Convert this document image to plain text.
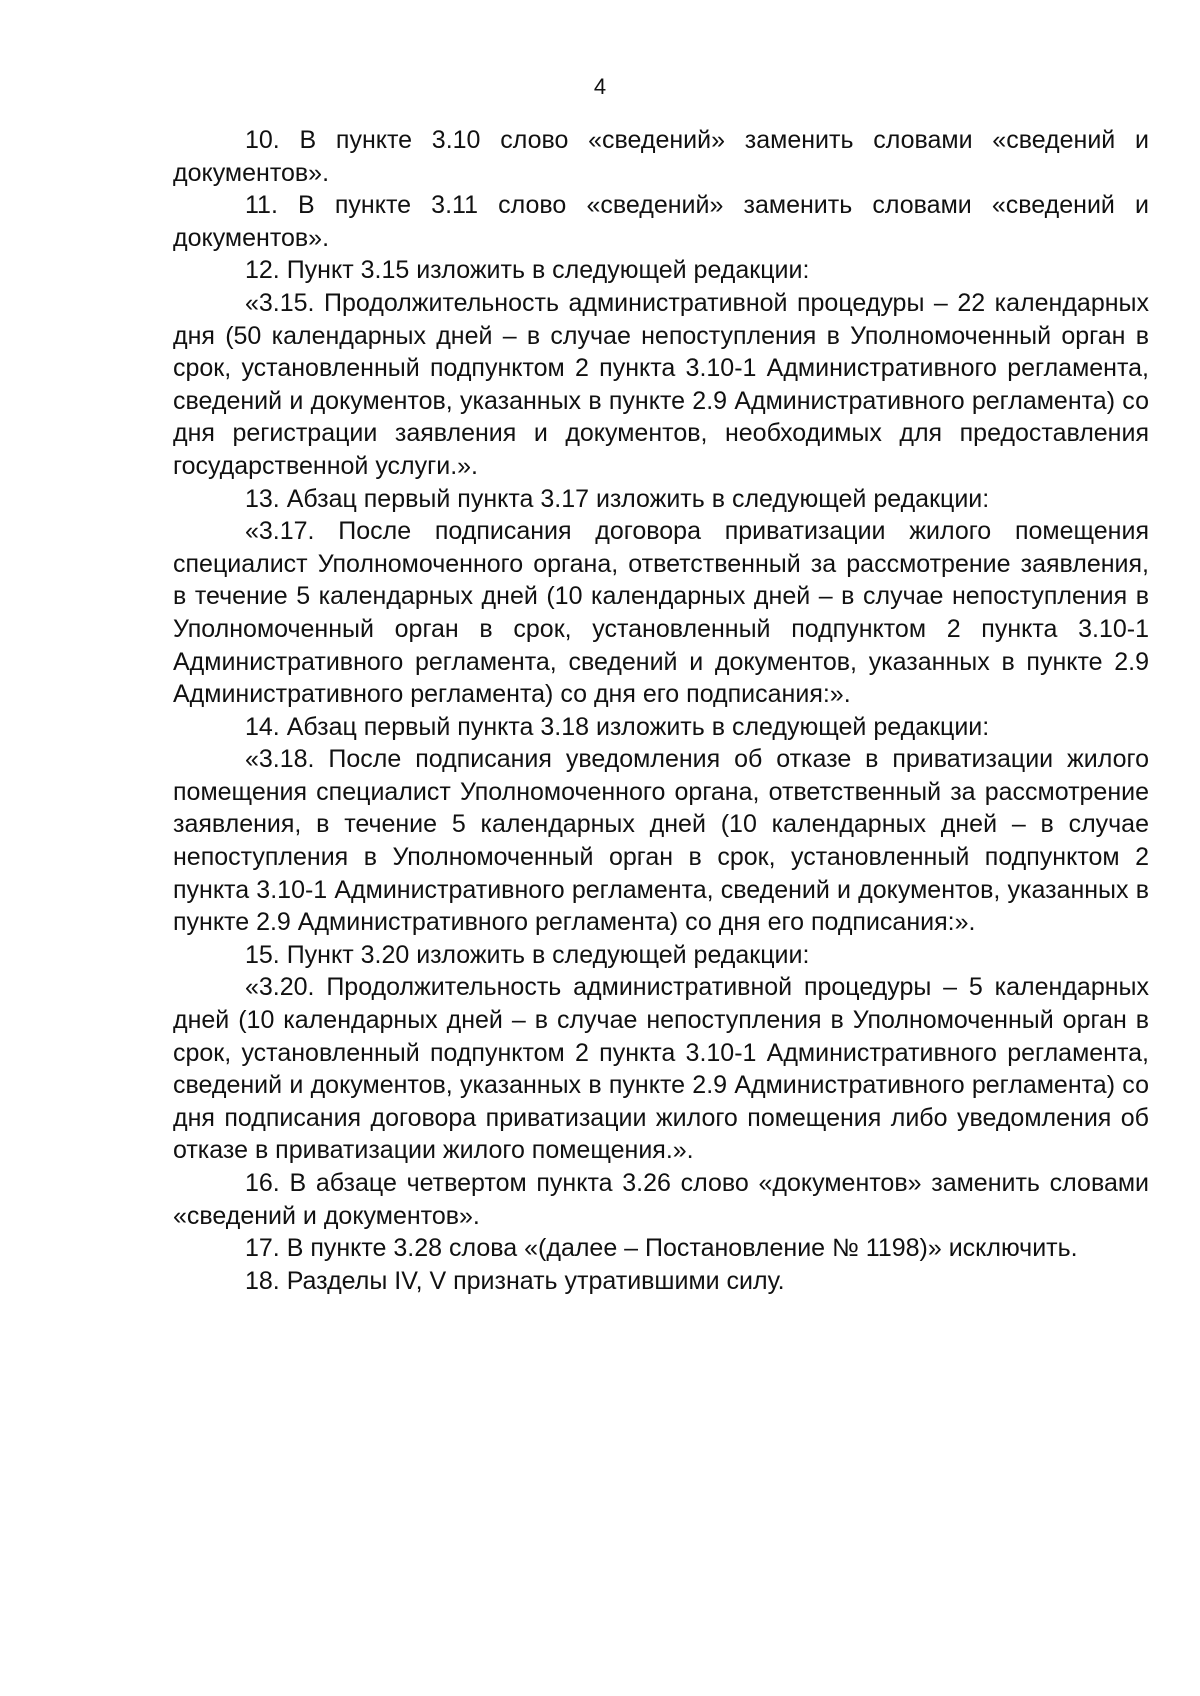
4

10. В пункте 3.10 слово «сведений» заменить словами «сведений и документов».

11. В пункте 3.11 слово «сведений» заменить словами «сведений и документов».

12. Пункт 3.15 изложить в следующей редакции:

«3.15. Продолжительность административной процедуры – 22 календарных дня (50 календарных дней – в случае непоступления в Уполномоченный орган в срок, установленный подпунктом 2 пункта 3.10-1 Административного регламента, сведений и документов, указанных в пункте 2.9 Административного регламента) со дня регистрации заявления и документов, необходимых для предоставления государственной услуги.».

13. Абзац первый пункта 3.17 изложить в следующей редакции:

«3.17. После подписания договора приватизации жилого помещения специалист Уполномоченного органа, ответственный за рассмотрение заявления, в течение 5 календарных дней (10 календарных дней – в случае непоступления в Уполномоченный орган в срок, установленный подпунктом 2 пункта 3.10-1 Административного регламента, сведений и документов, указанных в пункте 2.9 Административного регламента) со дня его подписания:».

14. Абзац первый пункта 3.18 изложить в следующей редакции:

«3.18. После подписания уведомления об отказе в приватизации жилого помещения специалист Уполномоченного органа, ответственный за рассмотрение заявления, в течение 5 календарных дней (10 календарных дней – в случае непоступления в Уполномоченный орган в срок, установленный подпунктом 2 пункта 3.10-1 Административного регламента, сведений и документов, указанных в пункте 2.9 Административного регламента) со дня его подписания:».

15. Пункт 3.20 изложить в следующей редакции:

«3.20. Продолжительность административной процедуры – 5 календарных дней (10 календарных дней – в случае непоступления в Уполномоченный орган в срок, установленный подпунктом 2 пункта 3.10-1 Административного регламента, сведений и документов, указанных в пункте 2.9 Административного регламента) со дня подписания договора приватизации жилого помещения либо уведомления об отказе в приватизации жилого помещения.».

16. В абзаце четвертом пункта 3.26 слово «документов» заменить словами «сведений и документов».

17. В пункте 3.28 слова «(далее – Постановление № 1198)» исключить.

18. Разделы IV, V признать утратившими силу.
